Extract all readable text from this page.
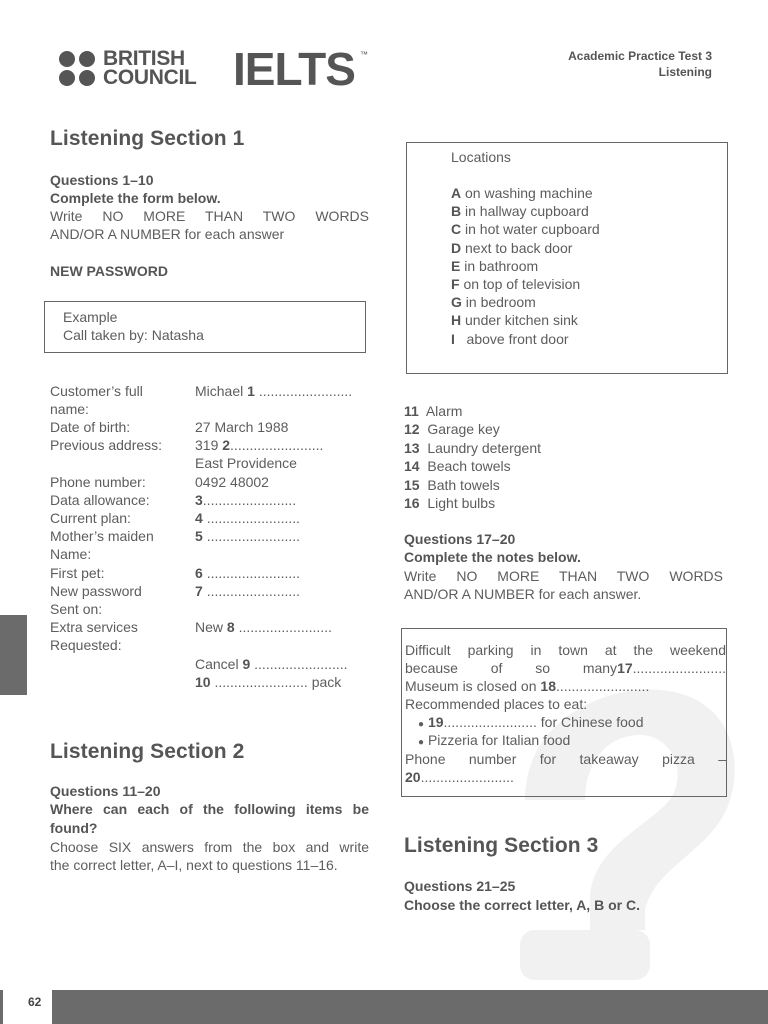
BRITISH
COUNCIL IELTS ™	Academic Practice Test 3
Listening
Listening Section 1
Questions 1–10
Complete the form below.
Write NO MORE THAN TWO WORDS
AND/OR A NUMBER for each answer
NEW PASSWORD
Example
Call taken by: Natasha
Customer’s full
name:
Date of birth:
Previous address:
Phone number:
Data allowance:
Current plan:
Mother’s maiden
Name:
First pet:
New password
Sent on:
Extra services
Requested:
Michael 1 ........................
27 March 1988
319 2........................
East Providence
0492 48002
3........................
4 ........................
5 ........................
6 ........................
7 ........................
New 8 ........................
Cancel 9 ........................
10 ........................ pack
Listening Section 2
Questions 11–20
Where can each of the following items be
found?
Choose SIX answers from the box and write
the correct letter, A–I, next to questions 11–16.
Locations
A on washing machine
B in hallway cupboard
C in hot water cupboard
D next to back door
E in bathroom
F on top of television
G in bedroom
H under kitchen sink
I   above front door
11 Alarm
12 Garage key
13 Laundry detergent
14 Beach towels
15 Bath towels
16 Light bulbs
Questions 17–20
Complete the notes below.
Write NO MORE THAN TWO WORDS
AND/OR A NUMBER for each answer.
Difficult parking in town at the weekend
because of so many 17 ........................
Museum is closed on 18........................
Recommended places to eat:
● 19........................ for Chinese food
● Pizzeria for Italian food
Phone number for takeaway pizza –
20........................
Listening Section 3
Questions 21–25
Choose the correct letter, A, B or C.
62
